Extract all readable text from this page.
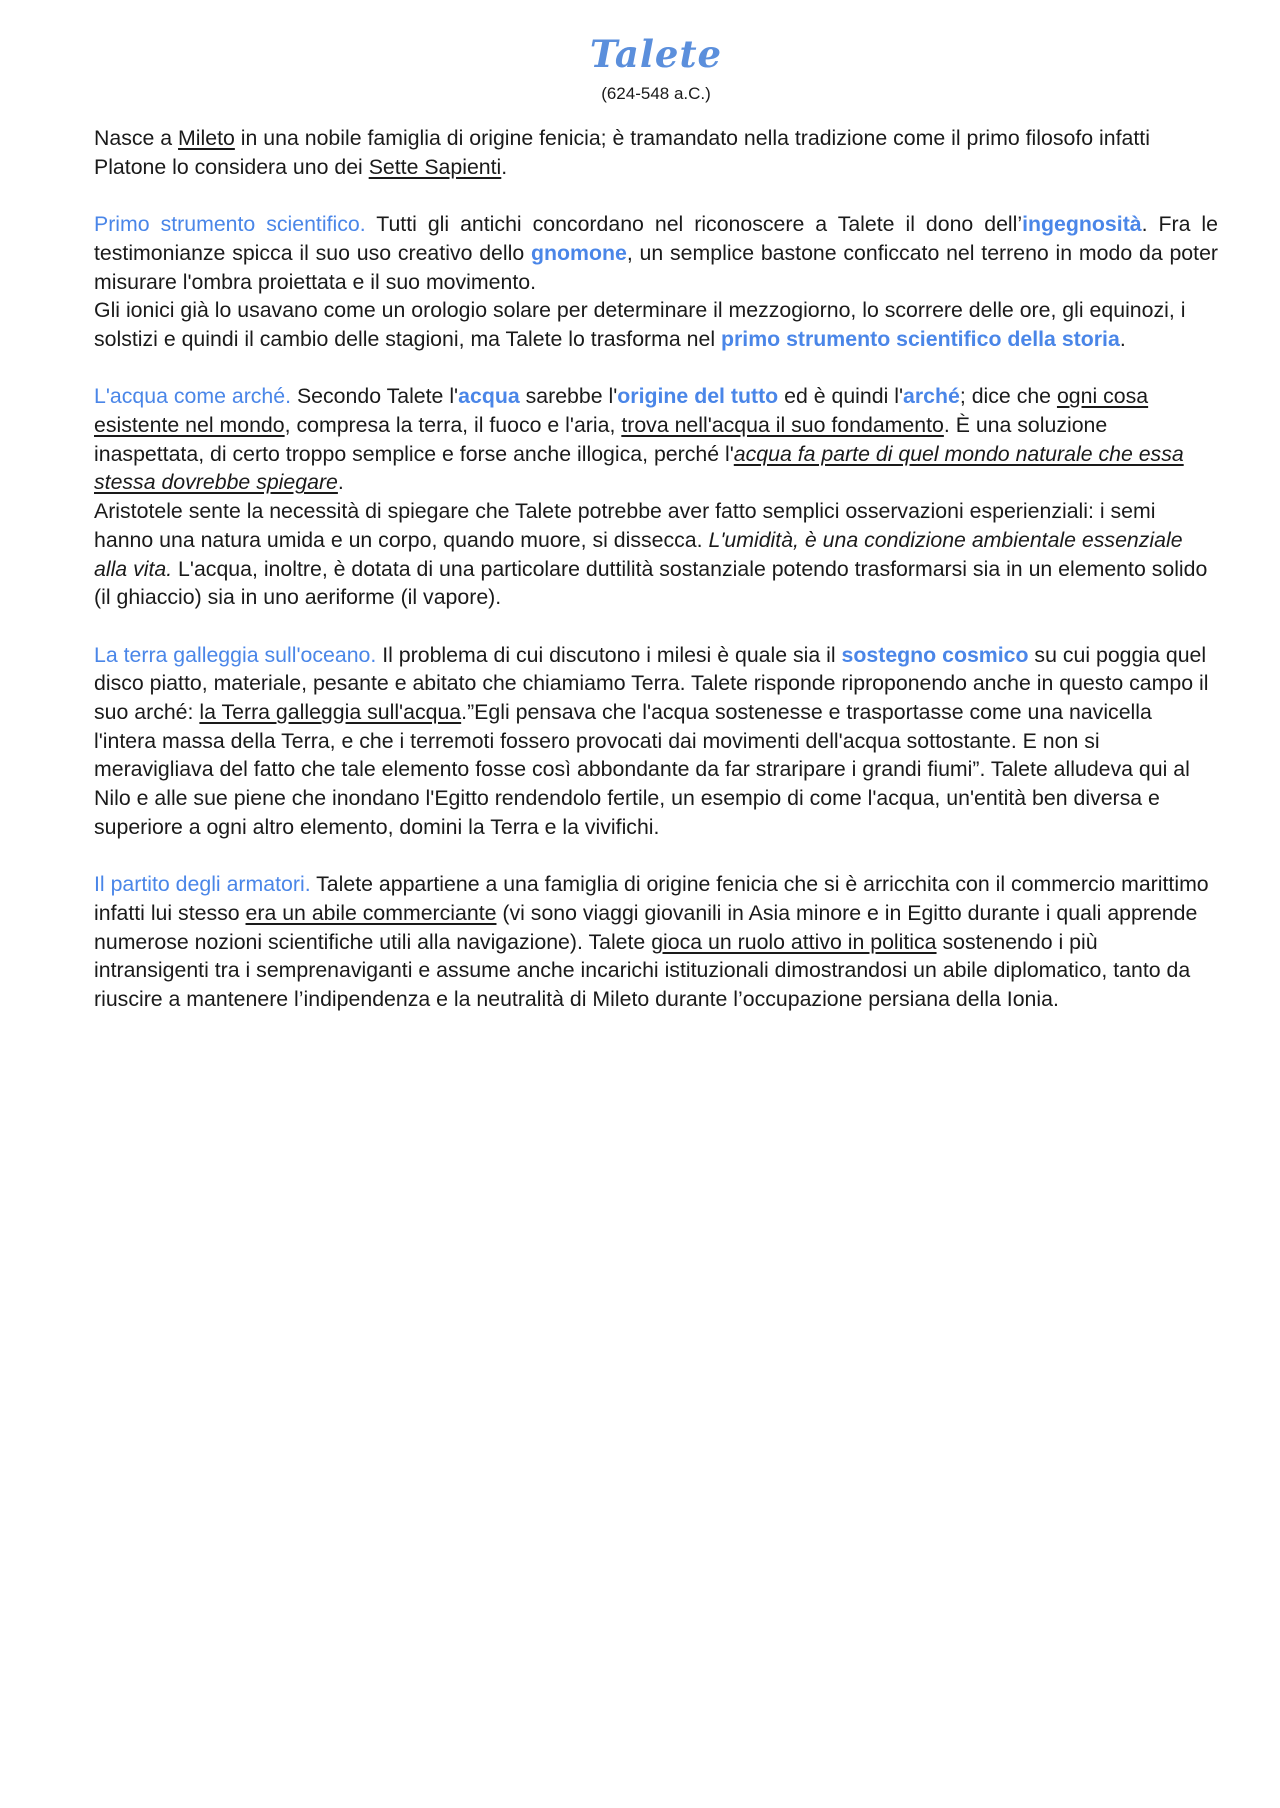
Talete
(624-548 a.C.)

Nasce a Mileto in una nobile famiglia di origine fenicia; è tramandato nella tradizione come il primo filosofo infatti Platone lo considera uno dei Sette Sapienti.

Primo strumento scientifico. Tutti gli antichi concordano nel riconoscere a Talete il dono dell’ingegnosità. Fra le testimonianze spicca il suo uso creativo dello gnomone, un semplice bastone conficcato nel terreno in modo da poter misurare l'ombra proiettata e il suo movimento.

Gli ionici già lo usavano come un orologio solare per determinare il mezzogiorno, lo scorrere delle ore, gli equinozi, i solstizi e quindi il cambio delle stagioni, ma Talete lo trasforma nel primo strumento scientifico della storia.

L'acqua come arché. Secondo Talete l'acqua sarebbe l'origine del tutto ed è quindi l'arché; dice che ogni cosa esistente nel mondo, compresa la terra, il fuoco e l'aria, trova nell'acqua il suo fondamento. È una soluzione inaspettata, di certo troppo semplice e forse anche illogica, perché l'acqua fa parte di quel mondo naturale che essa stessa dovrebbe spiegare.

Aristotele sente la necessità di spiegare che Talete potrebbe aver fatto semplici osservazioni esperienziali: i semi hanno una natura umida e un corpo, quando muore, si dissecca. L'umidità, è una condizione ambientale essenziale alla vita. L'acqua, inoltre, è dotata di una particolare duttilità sostanziale potendo trasformarsi sia in un elemento solido (il ghiaccio) sia in uno aeriforme (il vapore).

La terra galleggia sull'oceano. Il problema di cui discutono i milesi è quale sia il sostegno cosmico su cui poggia quel disco piatto, materiale, pesante e abitato che chiamiamo Terra. Talete risponde riproponendo anche in questo campo il suo arché: la Terra galleggia sull'acqua.”Egli pensava che l'acqua sostenesse e trasportasse come una navicella l'intera massa della Terra, e che i terremoti fossero provocati dai movimenti dell'acqua sottostante. E non si meravigliava del fatto che tale elemento fosse così abbondante da far straripare i grandi fiumi”. Talete alludeva qui al Nilo e alle sue piene che inondano l'Egitto rendendolo fertile, un esempio di come l'acqua, un'entità ben diversa e superiore a ogni altro elemento, domini la Terra e la vivifichi.

Il partito degli armatori. Talete appartiene a una famiglia di origine fenicia che si è arricchita con il commercio marittimo infatti lui stesso era un abile commerciante (vi sono viaggi giovanili in Asia minore e in Egitto durante i quali apprende numerose nozioni scientifiche utili alla navigazione). Talete gioca un ruolo attivo in politica sostenendo i più intransigenti tra i semprenaviganti e assume anche incarichi istituzionali dimostrandosi un abile diplomatico, tanto da riuscire a mantenere l’indipendenza e la neutralità di Mileto durante l’occupazione persiana della Ionia.
